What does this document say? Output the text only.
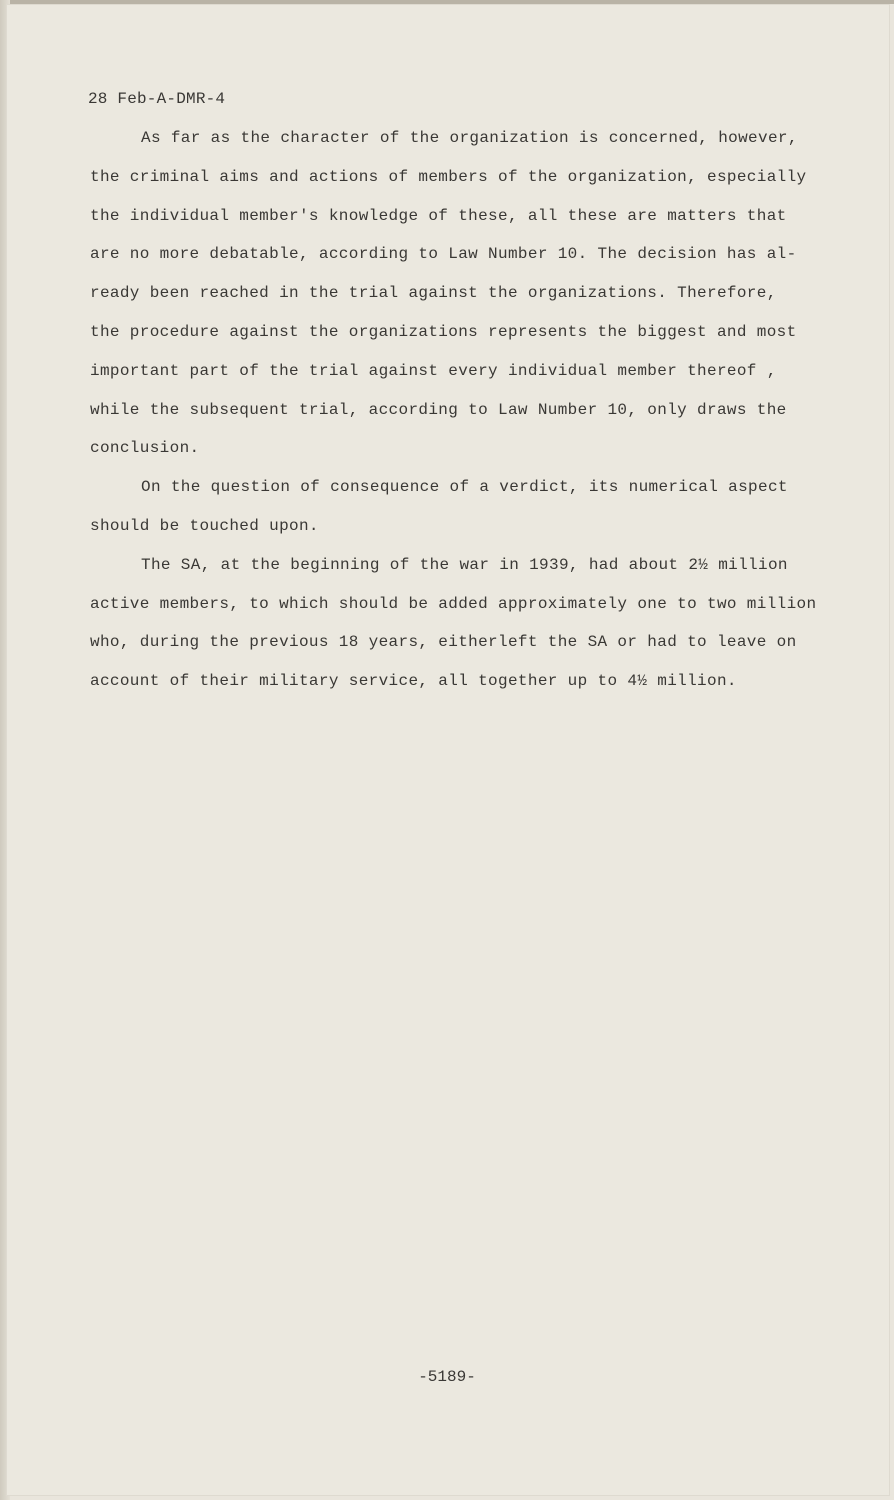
28 Feb-A-DMR-4
As far as the character of the organization is concerned, however,
the criminal aims and actions of members of the organization, especially
the individual member's knowledge of these, all these are matters that
are no more debatable, according to Law Number 10. The decision has al-
ready been reached in the trial against the organizations. Therefore,
the procedure against the organizations represents the biggest and most
important part of the trial against every individual member thereof ,
while the subsequent trial, according to Law Number 10, only draws the
conclusion.
On the question of consequence of a verdict, its numerical aspect
should be touched upon.
The SA, at the beginning of the war in 1939, had about 2½ million
active members, to which should be added approximately one to two million
who, during the previous 18 years, eitherleft the SA or had to leave on
account of their military service, all together up to 4½ million.
-5189-
